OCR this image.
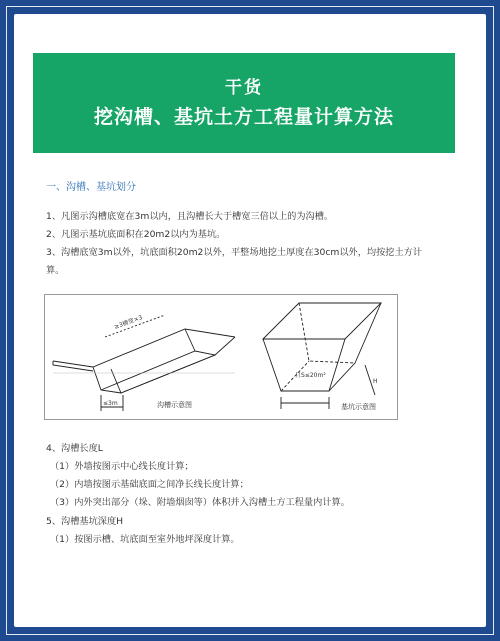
干货
挖沟槽、基坑土方工程量计算方法
一、沟槽、基坑划分
1、凡图示沟槽底宽在3m以内，且沟槽长大于槽宽三倍以上的为沟槽。
2、凡图示基坑底面积在20m2以内为基坑。
3、沟槽底宽3m以外，坑底面积20m2以外，平整场地挖土厚度在30cm以外，均按挖土方计
算。
≥3槽宽×3
≤3m	沟槽示意图
且S≤20m²
H
基坑示意图
4、沟槽长度L
（1）外墙按图示中心线长度计算；
（2）内墙按图示基础底面之间净长线长度计算；
（3）内外突出部分（垛、附墙烟囱等）体积并入沟槽土方工程量内计算。
5、沟槽基坑深度H
（1）按图示槽、坑底面至室外地坪深度计算。
